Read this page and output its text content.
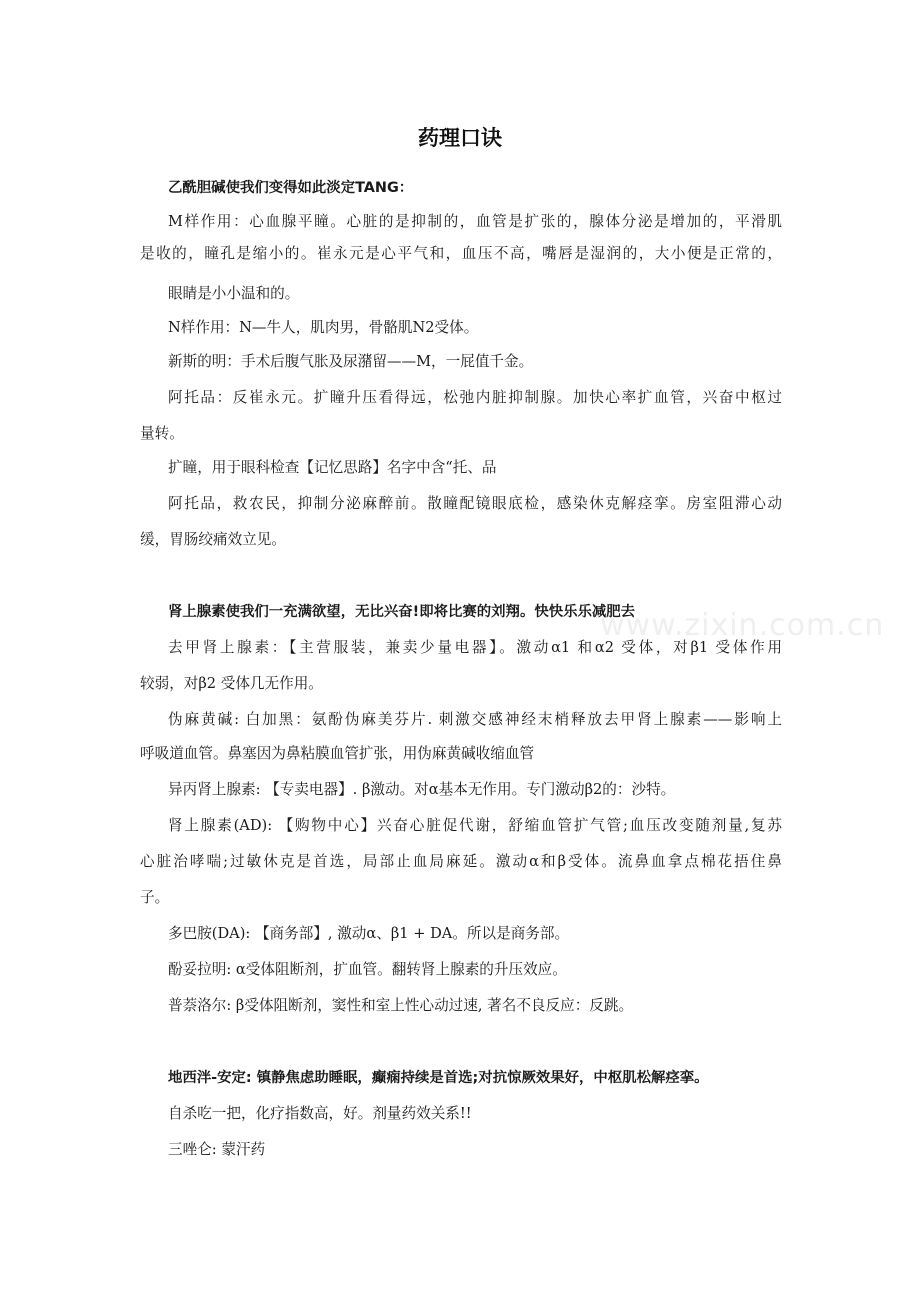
药理口诀
www.zixin.com.cn
乙酰胆碱使我们变得如此淡定TANG：
M样作用：心血腺平瞳。心脏的是抑制的，血管是扩张的，腺体分泌是增加的，平滑肌
是收的，瞳孔是缩小的。崔永元是心平气和，血压不高，嘴唇是湿润的，大小便是正常的，
眼睛是小小温和的。
N样作用：N—牛人，肌肉男，骨骼肌N2受体。
新斯的明：手术后腹气胀及尿潴留——M，一屁值千金。
阿托品：反崔永元。扩瞳升压看得远，松弛内脏抑制腺。加快心率扩血管，兴奋中枢过
量转。
扩瞳，用于眼科检查【记忆思路】名字中含“托、品
阿托品，救农民，抑制分泌麻醉前。散瞳配镜眼底检，感染休克解痉挛。房室阻滞心动
缓，胃肠绞痛效立见。
肾上腺素使我们一充满欲望，无比兴奋!即将比赛的刘翔。快快乐乐减肥去
去甲肾上腺素：【主营服装，兼卖少量电器】。激动α1 和α2 受体，对β1 受体作用
较弱，对β2 受体几无作用。
伪麻黄碱: 白加黑：氨酚伪麻美芬片. 刺激交感神经末梢释放去甲肾上腺素——影响上
呼吸道血管。鼻塞因为鼻粘膜血管扩张，用伪麻黄碱收缩血管
异丙肾上腺素: 【专卖电器】. β激动。对α基本无作用。专门激动β2的：沙特。
肾上腺素(AD): 【购物中心】兴奋心脏促代谢，舒缩血管扩气管;血压改变随剂量,复苏
心脏治哮喘;过敏休克是首选，局部止血局麻延。激动α和β受体。流鼻血拿点棉花捂住鼻
子。
多巴胺(DA): 【商务部】, 激动α、β1 + DA。所以是商务部。
酚妥拉明: α受体阻断剂，扩血管。翻转肾上腺素的升压效应。
普萘洛尔: β受体阻断剂，窦性和室上性心动过速, 著名不良反应：反跳。
地西泮-安定: 镇静焦虑助睡眠，癫痫持续是首选;对抗惊厥效果好，中枢肌松解痉挛。
自杀吃一把，化疗指数高，好。剂量药效关系!!
三唑仑: 蒙汗药
